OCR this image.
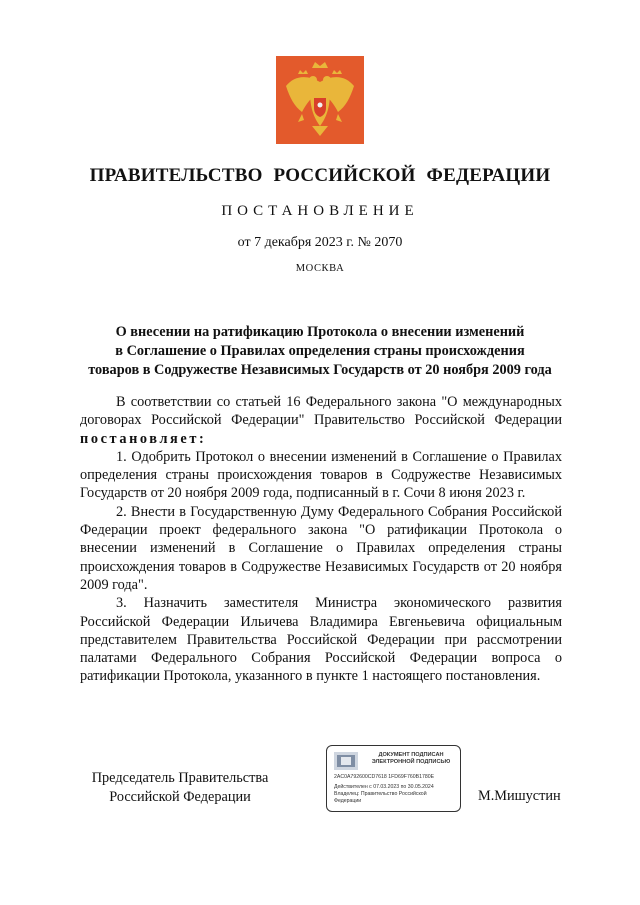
ПРАВИТЕЛЬСТВО РОССИЙСКОЙ ФЕДЕРАЦИИ
ПОСТАНОВЛЕНИЕ
от 7 декабря 2023 г. № 2070
МОСКВА
О внесении на ратификацию Протокола о внесении изменений
в Соглашение о Правилах определения страны происхождения
товаров в Содружестве Независимых Государств от 20 ноября 2009 года

В соответствии со статьей 16 Федерального закона "О международных договорах Российской Федерации" Правительство Российской Федерации постановляет:

1. Одобрить Протокол о внесении изменений в Соглашение о Правилах определения страны происхождения товаров в Содружестве Независимых Государств от 20 ноября 2009 года, подписанный в г. Сочи 8 июня 2023 г.

2. Внести в Государственную Думу Федерального Собрания Российской Федерации проект федерального закона "О ратификации Протокола о внесении изменений в Соглашение о Правилах определения страны происхождения товаров в Содружестве Независимых Государств от 20 ноября 2009 года".

3. Назначить заместителя Министра экономического развития Российской Федерации Ильичева Владимира Евгеньевича официальным представителем Правительства Российской Федерации при рассмотрении палатами Федерального Собрания Российской Федерации вопроса о ратификации Протокола, указанного в пункте 1 настоящего постановления.

Председатель Правительства
Российской Федерации	М.Мишустин
ДОКУМЕНТ ПОДПИСАН ЭЛЕКТРОННОЙ ПОДПИСЬЮ
2AC0A792600CD7618 1FD69F760B1780E
Действителен с 07.03.2023 по 30.05.2024
Владелец: Правительство Российской
Федерации
